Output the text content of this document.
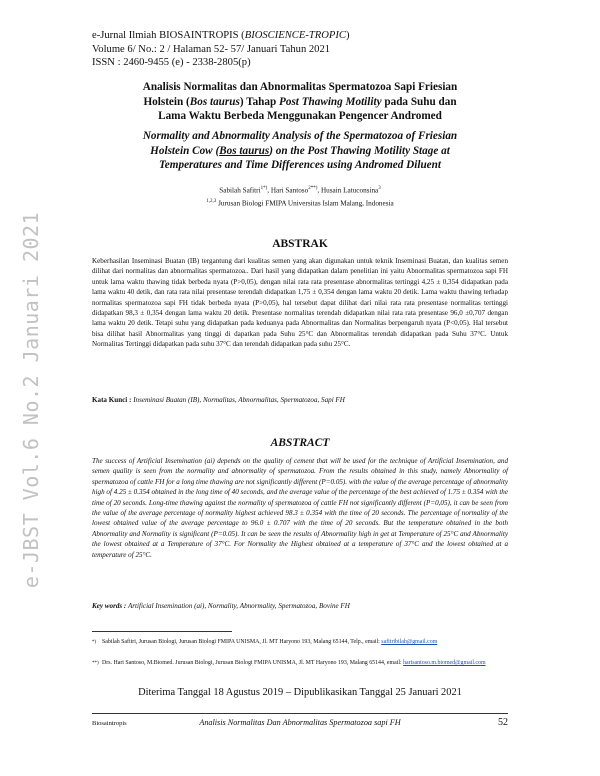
e-Jurnal Ilmiah BIOSAINTROPIS (BIOSCIENCE-TROPIC)
Volume 6/ No.: 2 / Halaman 52- 57/ Januari Tahun 2021
ISSN : 2460-9455 (e) - 2338-2805(p)
e-JBST Vol.6 No.2 Januari 2021
Analisis Normalitas dan Abnormalitas Spermatozoa Sapi Friesian
Holstein (Bos taurus) Tahap Post Thawing Motility pada Suhu dan
Lama Waktu Berbeda Menggunakan Pengencer Andromed
Normality and Abnormality Analysis of the Spermatozoa of Friesian
Holstein Cow (Bos taurus) on the Post Thawing Motility Stage at
Temperatures and Time Differences using Andromed Diluent
Sabilah Safitri$^{1*)}$, Hari Santoso$^{2**)}$, Husain Latuconsina$^3$
$^{1,2,3}$ Jurusan Biologi FMIPA Universitas Islam Malang, Indonesia
ABSTRAK

Keberhasilan Inseminasi Buatan (IB) tergantung dari kualitas semen yang akan digunakan untuk teknik Inseminasi Buatan, dan kualitas semen dilihat dari normalitas dan abnormalitas spermatozoa.. Dari hasil yang didapatkan dalam penelitian ini yaitu Abnormalitas spermatozoa sapi FH untuk lama waktu thawing tidak berbeda nyata (P>0,05), dengan nilai rata rata presentase abnormalitas tertinggi 4,25 ± 0,354 didapatkan pada lama waktu 40 detik, dan rata rata nilai presentase terendah didapatkan 1,75 ± 0,354 dengan lama waktu 20 detik. Lama waktu thawing terhadap normalitas spermatozoa sapi FH tidak berbeda nyata (P>0,05), hal tersebut dapat dilihat dari nilai rata rata presentase normalitas tertinggi didapatkan 98,3 ± 0,354 dengan lama waktu 20 detik. Presentase normalitas terendah didapatkan nilai rata rata presentase 96,0 ±0,707 dengan lama waktu 20 detik. Tetapi suhu yang didapatkan pada keduanya pada Abnormalitas dan Normalitas berpengaruh nyata (P<0,05). Hal tersebut bisa dilihat hasil Abnormalitas yang tinggi di dapatkan pada Suhu 25°C dan Abnormalitas terendah didapatkan pada Suhu 37°C. Untuk Normalitas Tertinggi didapatkan pada suhu 37°C dan terendah didapatkan pada suhu 25°C.

Kata Kunci : Inseminasi Buatan (IB), Normalitas, Abnormalitas, Spermatozoa, Sapi FH
ABSTRACT

The success of Artificial Insemination (ai) depends on the quality of cement that will be used for the technique of Artificial Insemination, and semen quality is seen from the normality and abnormality of spermatozoa. From the results obtained in this study, namely Abnormality of spermatozoa of cattle FH for a long time thawing are not significantly different (P=0.05). with the value of the average percentage of abnormality high of 4.25 ± 0.354 obtained in the long time of 40 seconds, and the average value of the percentage of the best achieved of 1.75 ± 0.354 with the time of 20 seconds. Long-time thawing against the normality of spermatozoa of cattle FH not significantly different (P=0,05), it can be seen from the value of the average percentage of normality highest achieved 98.3 ± 0.354 with the time of 20 seconds. The percentage of normality of the lowest obtained value of the average percentage to 96.0 ± 0.707 with the time of 20 seconds. But the temperature obtained in the both Abnormality and Normality is significant (P=0.05). It can be seen the results of Abnormality high in get at Temperature of 25°C and Abnormality the lowest obtained at a Temperature of 37°C. For Normality the Highest obtained at a temperature of 37°C and the lowest obtained at a temperature of 25°C.

Key words : Artificial Insemination (ai), Normality, Abnormality, Spermatozoa, Bovine FH
*) Sabilah Safitri, Jurusan Biologi, Jurusan Biologi FMIPA UNISMA, Jl. MT Haryono 193, Malang 65144, Telp., email: safitribilah@gmail.com
**) Drs. Hari Santoso, M.Biomed. Jurusan Biologi, Jurusan Biologi FMIPA UNISMA, Jl. MT Haryono 193, Malang 65144, email: harisantoso.m.biomed@gmail.com
Diterima Tanggal 18 Agustus 2019 – Dipublikasikan Tanggal 25 Januari 2021
Biosaintropis	Analisis Normalitas Dan Abnormalitas Spermatozoa sapi FH	52
